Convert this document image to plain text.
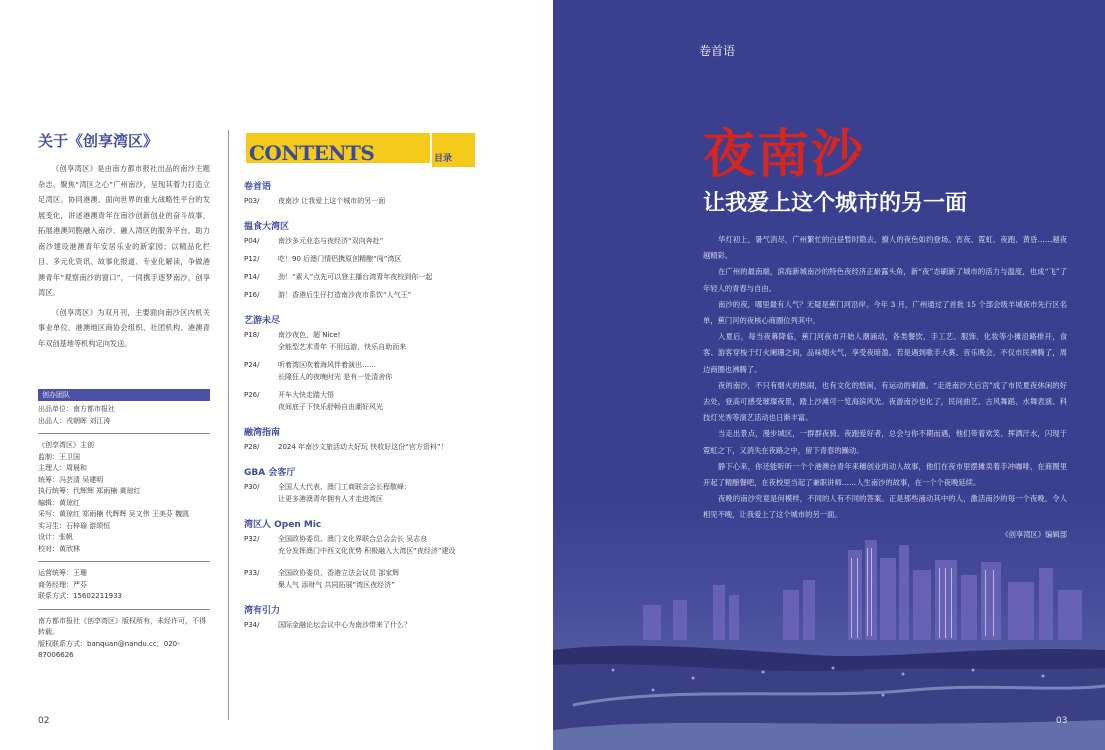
关于《创享湾区》

《创享湾区》是由南方都市报社出品的南沙主题杂志，聚焦“湾区之心”广州南沙，呈现其着力打造立足湾区、协同港澳、面向世界的重大战略性平台的发展变化，讲述港澳青年在南沙创新创业的奋斗故事，拓展港澳同胞融入南沙、融入湾区的服务平台，助力南沙建设港澳青年安居乐业的新家园；以精品化栏目、多元化资讯、故事化报道、专业化解读，争做港澳青年“观察南沙的窗口”，一同携手逐梦南沙，创享湾区。

《创享湾区》为双月刊，主要面向南沙区内机关事业单位、港澳地区商协会组织、社团机构、港澳青年双创基地等机构定向发送。

创办团队
出品单位：南方都市报社
出品人：戎朝晖 刘江涛
《创享湾区》主创
监制：王卫国
主理人：周晨和
统筹：冯芸清 吴建明
执行统筹：代辉辉 郑雨楠 黄琼红
编辑：黄琼红
采写：黄琼红 郑雨楠 代辉辉 吴文伟 王美芬 魏凯
实习生：石梓瑜 游颂恒
设计：张帆
校对：黄欣林
运营统筹：王珊
商务经理：严芬
联系方式：15602211933
南方都市报社《创享湾区》版权所有，未经许可，不得转载。
版权联系方式：banquan@nandu.cc，020-87006626
CONTENTS	目录
卷首语
P03/	夜南沙 让我爱上这个城市的另一面
揾食大湾区
P04/	南沙多元业态与夜经济“双向奔赴”
P12/	吃！90 后澳门情侣携原创精酿“闯”湾区
P14/	劲！“素人”点先可以登主播台湾青年夜校到你一起
P16/	游！香港后生仔打造南沙夜市系饮“人气王”
艺游未尽
P18/	南沙夜色，超 Nice!
全能型艺术青年 不用远游，快乐自助而来
P24/	听着湾区吹着海风伴着演出……
长隆狂人的夜晚时光 是有一处清舍你
P26/	开车大快走踏大悟
夜间底子下快乐舒畅自由潮好风光
融湾指南
P28/	2024 年南沙文旅活动大好玩 快收好这份“官方资料”！
GBA 会客厅
P30/	全国人大代表、澳门工商联会会长程敬峰：
让更多港澳青年拥有人才走进湾区
湾区人 Open Mic
P32/	全国政协委员、澳门文化界联合总会会长 吴志良
充分发挥澳门中西文化优势 积极融入大湾区“夜经济”建设
P33/	全国政协委员、香港立法会议员 邵家辉
聚人气 添财气 共同拓展“湾区夜经济”
湾有引力
P34/	国际金融论坛会议中心为南沙带来了什么？
02
卷首语
夜南沙
让我爱上这个城市的另一面

华灯初上，暑气消尽，广州繁忙的白昼暂时隐去，撩人的夜色如约登场。宵夜、霓虹、夜跑、黄昏……越夜越精彩。

在广州的最南端，滨海新城南沙的特色夜经济正崭露头角，新“夜”态刷新了城市的活力与温度，也成“飞”了年轻人的青春与自由。

南沙的夜，哪里最有人气？无疑是蕉门河沿岸。今年 3 月，广州通过了首批 15 个部会级羊城夜市先行区名单，蕉门河的夜核心商圈位列其中。

入夏后，每当夜幕降临，蕉门河夜市开始人潮涌动，各类餐饮、手工艺、服饰、化妆等小摊沿路排开，食客、游客穿梭于灯火阑珊之间，品味烟火气，享受夜暗盈。若是遇到歌手大赛、音乐晚会，不仅市民沸腾了，周边商圈也沸腾了。

夜的南沙，不只有烟火的热闹，也有文化的悠闲，有运动的刺激。“走进南沙天后宫”成了市民夏夜休闲的好去处，登高可感受璀璨夜景，踏上沙滩可一览海滨风光。夜游南沙也化了，民间曲艺、古风舞蹈、水舞表演、科技灯光秀等演艺活动也日渐丰富。

当走出景点，漫步城区，一群群夜骑、夜跑爱好者，总会与你不期而遇，他们带着欢笑、挥洒汗水，闪现于霓虹之下，又消失在夜路之中，留下青春的躁动。

静下心来，你还能听听一个个港澳台青年来穗创业的动人故事，他们在夜市里摆摊卖着手冲咖啡，在商圈里开起了精酿餐吧，在夜校里当起了兼职讲师……人生南沙的故事，在一个个夜晚延续。

夜晚的南沙究竟是何模样，不同的人有不同的答案。正是那些涌动其中的人，激活南沙的每一个夜晚，令人相见不晚，让我爱上了这个城市的另一面。

《创享湾区》编辑部
03
